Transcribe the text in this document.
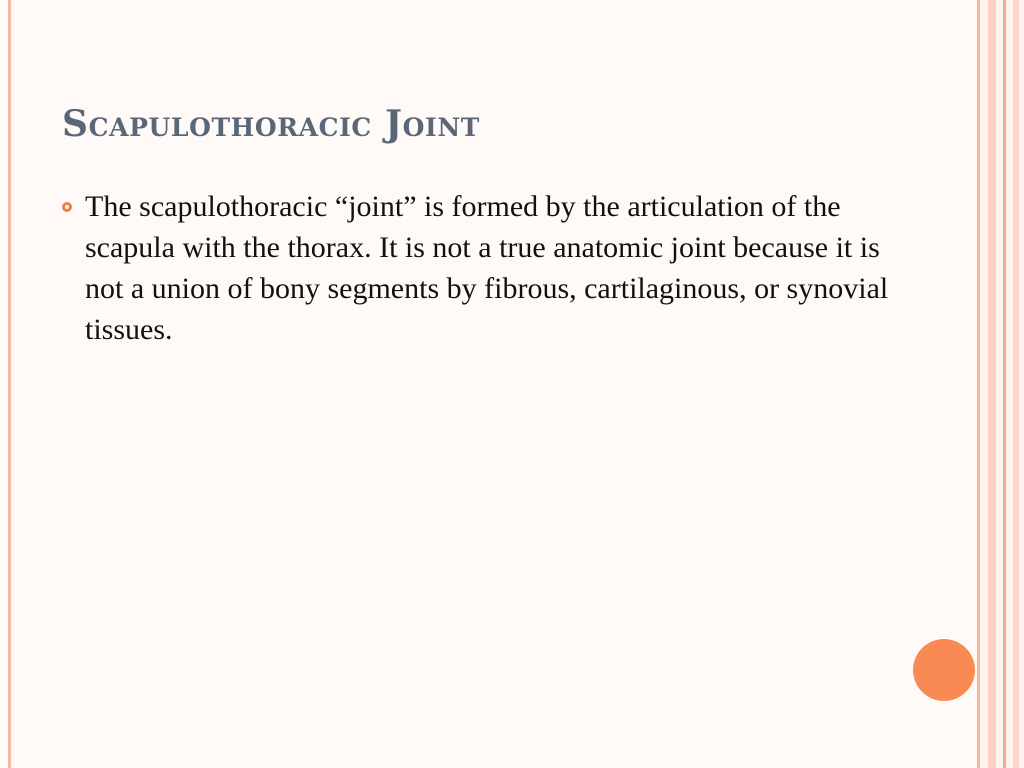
Scapulothoracic Joint
The scapulothoracic “joint” is formed by the articulation of the scapula with the thorax. It is not a true anatomic joint because it is not a union of bony segments by fibrous, cartilaginous, or synovial tissues.
